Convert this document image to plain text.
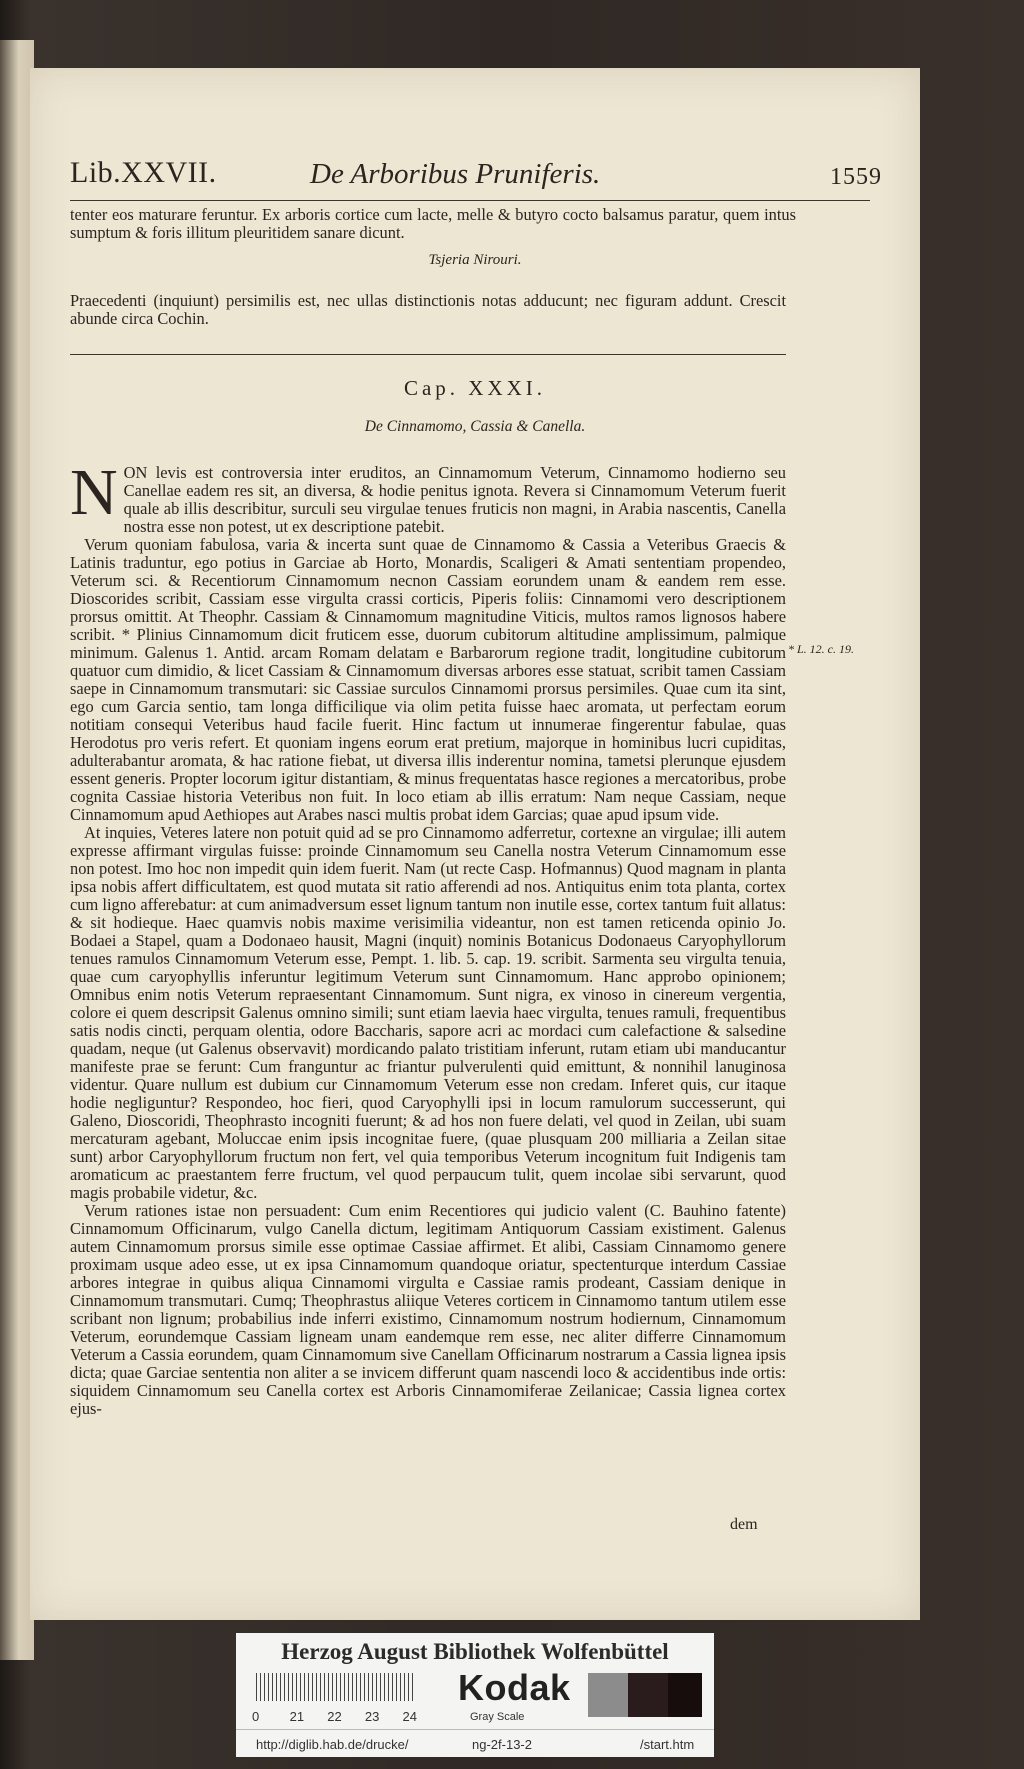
Lib.XXVII.	De Arboribus Pruniferis.	1559

tenter eos maturare feruntur. Ex arboris cortice cum lacte, melle & butyro cocto balsamus paratur, quem intus sumptum & foris illitum pleuritidem sanare dicunt.

Tsjeria Nirouri.

Praecedenti (inquiunt) persimilis est, nec ullas distinctionis notas adducunt; nec figuram addunt. Crescit abunde circa Cochin.

Cap. XXXI.
De Cinnamomo, Cassia & Canella.

N ON levis est controversia inter eruditos, an Cinnamomum Veterum, Cinnamomo hodierno seu Canellae eadem res sit, an diversa, & hodie penitus ignota. Revera si Cinnamomum Veterum fuerit quale ab illis describitur, surculi seu virgulae tenues fruticis non magni, in Arabia nascentis, Canella nostra esse non potest, ut ex descriptione patebit.

Verum quoniam fabulosa, varia & incerta sunt quae de Cinnamomo & Cassia a Veteribus Graecis & Latinis traduntur, ego potius in Garciae ab Horto, Monardis, Scaligeri & Amati sententiam propendeo, Veterum sci. & Recentiorum Cinnamomum necnon Cassiam eorundem unam & eandem rem esse. Dioscorides scribit, Cassiam esse virgulta crassi corticis, Piperis foliis: Cinnamomi vero descriptionem prorsus omittit. At Theophr. Cassiam & Cinnamomum magnitudine Viticis, multos ramos lignosos habere scribit. * Plinius Cinnamomum dicit fruticem esse, duorum cubitorum altitudine amplissimum, palmique minimum. Galenus 1. Antid. arcam Romam delatam e Barbarorum regione tradit, longitudine cubitorum quatuor cum dimidio, & licet Cassiam & Cinnamomum diversas arbores esse statuat, scribit tamen Cassiam saepe in Cinnamomum transmutari: sic Cassiae surculos Cinnamomi prorsus persimiles. Quae cum ita sint, ego cum Garcia sentio, tam longa difficilique via olim petita fuisse haec aromata, ut perfectam eorum notitiam consequi Veteribus haud facile fuerit. Hinc factum ut innumerae fingerentur fabulae, quas Herodotus pro veris refert. Et quoniam ingens eorum erat pretium, majorque in hominibus lucri cupiditas, adulterabantur aromata, & hac ratione fiebat, ut diversa illis inderentur nomina, tametsi plerunque ejusdem essent generis. Propter locorum igitur distantiam, & minus frequentatas hasce regiones a mercatoribus, probe cognita Cassiae historia Veteribus non fuit. In loco etiam ab illis erratum: Nam neque Cassiam, neque Cinnamomum apud Aethiopes aut Arabes nasci multis probat idem Garcias; quae apud ipsum vide.

At inquies, Veteres latere non potuit quid ad se pro Cinnamomo adferretur, cortexne an virgulae; illi autem expresse affirmant virgulas fuisse: proinde Cinnamomum seu Canella nostra Veterum Cinnamomum esse non potest. Imo hoc non impedit quin idem fuerit. Nam (ut recte Casp. Hofmannus) Quod magnam in planta ipsa nobis affert difficultatem, est quod mutata sit ratio afferendi ad nos. Antiquitus enim tota planta, cortex cum ligno afferebatur: at cum animadversum esset lignum tantum non inutile esse, cortex tantum fuit allatus: & sit hodieque. Haec quamvis nobis maxime verisimilia videantur, non est tamen reticenda opinio Jo. Bodaei a Stapel, quam a Dodonaeo hausit, Magni (inquit) nominis Botanicus Dodonaeus Caryophyllorum tenues ramulos Cinnamomum Veterum esse, Pempt. 1. lib. 5. cap. 19. scribit. Sarmenta seu virgulta tenuia, quae cum caryophyllis inferuntur legitimum Veterum sunt Cinnamomum. Hanc approbo opinionem; Omnibus enim notis Veterum repraesentant Cinnamomum. Sunt nigra, ex vinoso in cinereum vergentia, colore ei quem descripsit Galenus omnino simili; sunt etiam laevia haec virgulta, tenues ramuli, frequentibus satis nodis cincti, perquam olentia, odore Baccharis, sapore acri ac mordaci cum calefactione & salsedine quadam, neque (ut Galenus observavit) mordicando palato tristitiam inferunt, rutam etiam ubi manducantur manifeste prae se ferunt: Cum franguntur ac friantur pulverulenti quid emittunt, & nonnihil lanuginosa videntur. Quare nullum est dubium cur Cinnamomum Veterum esse non credam. Inferet quis, cur itaque hodie negliguntur? Respondeo, hoc fieri, quod Caryophylli ipsi in locum ramulorum successerunt, qui Galeno, Dioscoridi, Theophrasto incogniti fuerunt; & ad hos non fuere delati, vel quod in Zeilan, ubi suam mercaturam agebant, Moluccae enim ipsis incognitae fuere, (quae plusquam 200 milliaria a Zeilan sitae sunt) arbor Caryophyllorum fructum non fert, vel quia temporibus Veterum incognitum fuit Indigenis tam aromaticum ac praestantem ferre fructum, vel quod perpaucum tulit, quem incolae sibi servarunt, quod magis probabile videtur, &c.

Verum rationes istae non persuadent: Cum enim Recentiores qui judicio valent (C. Bauhino fatente) Cinnamomum Officinarum, vulgo Canella dictum, legitimam Antiquorum Cassiam existiment. Galenus autem Cinnamomum prorsus simile esse optimae Cassiae affirmet. Et alibi, Cassiam Cinnamomo genere proximam usque adeo esse, ut ex ipsa Cinnamomum quandoque oriatur, spectenturque interdum Cassiae arbores integrae in quibus aliqua Cinnamomi virgulta e Cassiae ramis prodeant, Cassiam denique in Cinnamomum transmutari. Cumq; Theophrastus aliique Veteres corticem in Cinnamomo tantum utilem esse scribant non lignum; probabilius inde inferri existimo, Cinnamomum nostrum hodiernum, Cinnamomum Veterum, eorundemque Cassiam ligneam unam eandemque rem esse, nec aliter differre Cinnamomum Veterum a Cassia eorundem, quam Cinnamomum sive Canellam Officinarum nostrarum a Cassia lignea ipsis dicta; quae Garciae sententia non aliter a se invicem differunt quam nascendi loco & accidentibus inde ortis: siquidem Cinnamomum seu Canella cortex est Arboris Cinnamomiferae Zeilanicae; Cassia lignea cortex ejus-

* L. 12. c. 19.
dem
Herzog August Bibliothek Wolfenbüttel
0 21 22 23 24
Kodak
Gray Scale
http://diglib.hab.de/drucke/	ng-2f-13-2	/start.htm
